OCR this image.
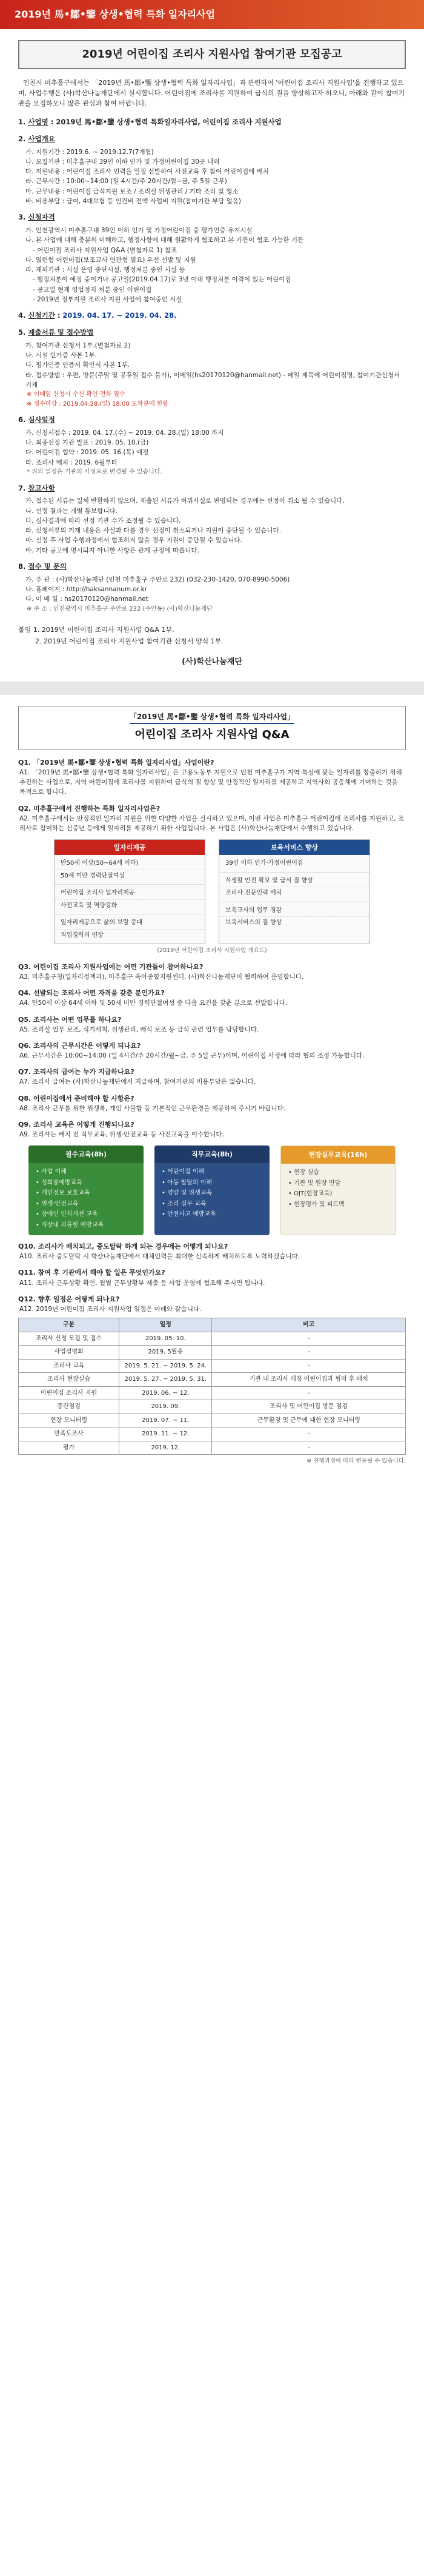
2019년 馬•鄒•鑒 상생•협력 특화 일자리사업
2019년 어린이집 조리사 지원사업 참여기관 모집공고

인천시 미추홀구에서는 「2019년 馬•鄒•鑒 상생•협력 특화 일자리사업」과 관련하여 '어린이집 조리사 지원사업'을 진행하고 있으며, 사업수행은 (사)학산나눔재단에서 실시합니다. 어린이집에 조리사를 지원하여 급식의 질을 향상하고자 하오니, 아래와 같이 참여기관을 모집하오니 많은 관심과 참여 바랍니다.

1. 사업명 : 2019년 馬•鄒•鑒 상생•협력 특화일자리사업, 어린이집 조리사 지원사업
2. 사업개요
가. 지원기간 : 2019.6. ~ 2019.12.7(7개월)
나. 모집기관 : 미추홀구내 39인 이하 인가 및 가정어린이집 30곳 내외
다. 지원내용 : 어린이집 조리사 인력을 일정 선발하여 사전교육 후 참여 어린이집에 배치
라. 근무시간 : 10:00~14:00 (일 4시간/주 20시간/월~금, 주 5일 근무)
마. 근무내용 : 어린이집 급식지원 보조 / 조리실 위생관리 / 기타 조리 및 청소
바. 비용부담 : 급여, 4대보험 등 인건비 전액 사업비 지원(참여기관 부담 없음)
3. 신청자격
가. 인천광역시 미추홀구내 39인 이하 인가 및 가정어린이집 중 평가인증 유지시설
나. 본 사업에 대해 충분히 이해하고, 행정사항에 대해 원활하게 협조하고 본 기관이 협조 가능한 기관
- 어린이집 조리사 지원사업 Q&A (별첨자료 1) 참조
다. 열린형 어린이집(보조교사 연관형 필요) 우선 선발 및 지원
라. 제외기관 : 시설 운영 중단시설, 행정처분 중인 시설 등
- 행정처분이 예정 중이거나 공고일(2019.04.17)로 3년 이내 행정처분 이력이 있는 어린이집
- 공고일 현재 영업정지 처분 중인 어린이집
- 2019년 정부지원 조리사 지원 사업에 참여중인 시설
4. 신청기간 : 2019. 04. 17. ~ 2019. 04. 28.
5. 제출서류 및 접수방법
가. 참여기관 신청서 1부.(별첨자료 2)
나. 시설 인가증 사본 1부.
다. 평가인증 인증서 확인서 사본 1부.
라. 접수방법 : 우편, 방문(주말 및 공휴일 접수 불가), 이메일(hs20170120@hanmail.net) - 메일 제목에 어린이집명, 참여기관신청서 기재
※ 이메일 신청시 수신 확인 전화 필수
※ 접수마감 : 2019.04.28.(일) 18:00 도착분에 한함
6. 심사일정
가. 신청서접수 : 2019. 04. 17.(수) ~ 2019. 04. 28.(일) 18:00 까지
나. 최종선정 기관 발표 : 2019. 05. 10.(금)
다. 어린이집 협약 : 2019. 05. 16.(목) 예정
라. 조리사 배치 : 2019. 6월부터
* 위의 일정은 기관의 사정으로 변경될 수 있습니다.
7. 참고사항
가. 접수된 서류는 일체 반환하지 않으며, 제출된 서류가 허위사실로 판명되는 경우에는 선정이 취소 될 수 있습니다.
나. 선정 결과는 개별 통보합니다.
다. 심사결과에 따라 선정 기관 수가 조정될 수 있습니다.
라. 신청서류의 기재 내용은 사실과 다를 경우 선정이 취소되거나 지원이 중단될 수 있습니다.
마. 선정 후 사업 수행과정에서 협조하지 않을 경우 지원이 중단될 수 있습니다.
바. 기타 공고에 명시되지 아니한 사항은 관계 규정에 따릅니다.
8. 접수 및 문의
가. 주 관 : (사)학산나눔재단 (인천 미추홀구 주안로 232) (032-230-1420, 070-8990-5006)
나. 홈페이지 : http://haksannanum.or.kr
다. 이 메 일 : hs20170120@hanmail.net
※ 주 소 : 인천광역시 미추홀구 주안로 232 (주안동) (사)학산나눔재단
붙임 1. 2019년 어린이집 조리사 지원사업 Q&A 1부.
2. 2019년 어린이집 조리사 지원사업 참여기관 신청서 양식 1부.
(사)학산나눔재단
「2019년 馬•鄒•鑒 상생•협력 특화 일자리사업」
어린이집 조리사 지원사업 Q&A
Q1. 「2019년 馬•鄒•鑒 상생•협력 특화 일자리사업」사업이란?
A1. 「2019년 馬•鄒•鑒 상생•협력 특화 일자리사업」은 고용노동부 지원으로 인천 미추홀구가 지역 특성에 맞는 일자리를 창출하기 위해 추진하는 사업으로, 지역 어린이집에 조리사를 지원하여 급식의 질 향상 및 안정적인 일자리를 제공하고 지역사회 공동체에 기여하는 것을 목적으로 합니다.
Q2. 미추홀구에서 진행하는 특화 일자리사업은?
A2. 미추홀구에서는 안정적인 일자리 지원을 위한 다양한 사업을 실시하고 있으며, 이번 사업은 미추홀구 어린이집에 조리사를 지원하고, 조리사로 참여하는 신중년 등에게 일자리를 제공하기 위한 사업입니다. 본 사업은 (사)학산나눔재단에서 수행하고 있습니다.
일자리제공
만50세 이상(50~64세 이하)
50세 미만 경력단절여성
어린이집 조리사 일자리제공
사전교육 및 역량강화
일자리제공으로 삶의 보람 증대
직업경력의 연장
보육서비스 향상
39인 이하 인가·가정어린이집
식생활 안전 확보 및 급식 질 향상
조리사 전문인력 배치
보육교사의 업무 경감
보육서비스의 질 향상
(2019년 어린이집 조리사 지원사업 개요도)
Q3. 어린이집 조리사 지원사업에는 어떤 기관들이 참여하나요?
A3. 미추홀구청(일자리정책과), 미추홀구 육아종합지원센터, (사)학산나눔재단이 협력하여 운영합니다.
Q4. 선발되는 조리사 어떤 자격을 갖춘 분인가요?
A4. 만50세 이상 64세 이하 및 50세 미만 경력단절여성 중 다음 요건을 갖춘 분으로 선발합니다.
Q5. 조리사는 어떤 업무를 하나요?
A5. 조리실 업무 보조, 식기세척, 위생관리, 배식 보조 등 급식 관련 업무를 담당합니다.
Q6. 조리사의 근무시간은 어떻게 되나요?
A6. 근무시간은 10:00~14:00 (일 4시간/주 20시간/월~금, 주 5일 근무)이며, 어린이집 사정에 따라 협의 조정 가능합니다.
Q7. 조리사의 급여는 누가 지급하나요?
A7. 조리사 급여는 (사)학산나눔재단에서 지급하며, 참여기관의 비용부담은 없습니다.
Q8. 어린이집에서 준비해야 할 사항은?
A8. 조리사 근무를 위한 위생복, 개인 사물함 등 기본적인 근무환경을 제공하여 주시기 바랍니다.
Q9. 조리사 교육은 어떻게 진행되나요?
A9. 조리사는 배치 전 직무교육, 위생·안전교육 등 사전교육을 이수합니다.
필수교육(8h)
• 사업 이해
• 성희롱예방교육
• 개인정보 보호교육
• 위생·안전교육
• 장애인 인식개선 교육
• 직장내 괴롭힘 예방교육
직무교육(8h)
• 어린이집 이해
• 아동 발달의 이해
• 영양 및 위생교육
• 조리 실무 교육
• 안전사고 예방교육
현장실무교육(16h)
• 현장 실습
• 기관 및 원장 면담
• OJT(현장교육)
• 현장평가 및 피드백
Q10. 조리사가 배치되고, 중도탈락 하게 되는 경우에는 어떻게 되나요?
A10. 조리사 중도탈락 시 학산나눔재단에서 대체인력을 최대한 신속하게 배치하도록 노력하겠습니다.
Q11. 참여 후 기관에서 해야 할 일은 무엇인가요?
A11. 조리사 근무상황 확인, 월별 근무상황부 제출 등 사업 운영에 협조해 주시면 됩니다.
Q12. 향후 일정은 어떻게 되나요?
A12. 2019년 어린이집 조리사 지원사업 일정은 아래와 같습니다.
구분	일정	비고
조리사 신청 모집 및 접수	2019. 05. 10.	-
사업설명회	2019. 5월중	-
조리사 교육	2019. 5. 21. ~ 2019. 5. 24.	-
조리사 현장실습	2019. 5. 27. ~ 2019. 5. 31.	기관 내 조리사 매칭 어린이집과 협의 후 배치
어린이집 조리사 지원	2019. 06. ~ 12.	-
중간점검	2019. 09.	조리사 및 어린이집 방문 점검
현장 모니터링	2019. 07. ~ 11.	근무환경 및 근무에 대한 현장 모니터링
만족도조사	2019. 11. ~ 12.	-
평가	2019. 12.	-
※ 진행과정에 따라 변동될 수 있습니다.
